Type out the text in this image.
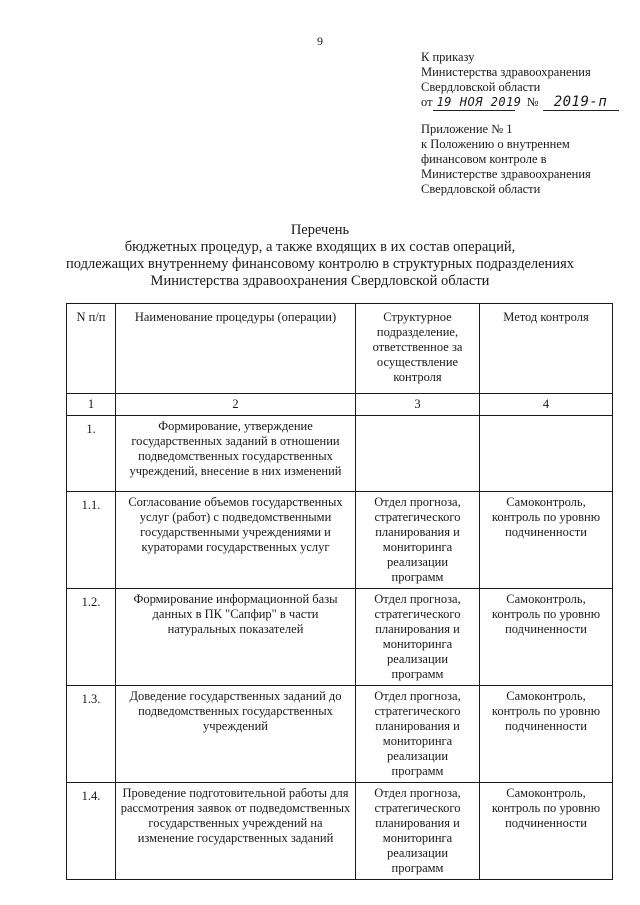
9
К приказу
Министерства здравоохранения
Свердловской области
от 19 НОЯ 2019 №	2019-п
Приложение № 1
к Положению о внутреннем
финансовом контроле в
Министерстве здравоохранения
Свердловской области
Перечень
бюджетных процедур, а также входящих в их состав операций,
подлежащих внутреннему финансовому контролю в структурных подразделениях
Министерства здравоохранения Свердловской области
N п/п	Наименование процедуры (операции)	Структурное подразделение, ответственное за осуществление контроля	Метод контроля
1	2	3	4
1.	Формирование, утверждение государственных заданий в отношении подведомственных государственных учреждений, внесение в них изменений		
1.1.	Согласование объемов государственных услуг (работ) с подведомственными государственными учреждениями и кураторами государственных услуг	Отдел прогноза, стратегического планирования и мониторинга реализации программ	Самоконтроль, контроль по уровню подчиненности
1.2.	Формирование информационной базы данных в ПК "Сапфир" в части натуральных показателей	Отдел прогноза, стратегического планирования и мониторинга реализации программ	Самоконтроль, контроль по уровню подчиненности
1.3.	Доведение государственных заданий до подведомственных государственных учреждений	Отдел прогноза, стратегического планирования и мониторинга реализации программ	Самоконтроль, контроль по уровню подчиненности
1.4.	Проведение подготовительной работы для рассмотрения заявок от подведомственных государственных учреждений на изменение государственных заданий	Отдел прогноза, стратегического планирования и мониторинга реализации программ	Самоконтроль, контроль по уровню подчиненности
